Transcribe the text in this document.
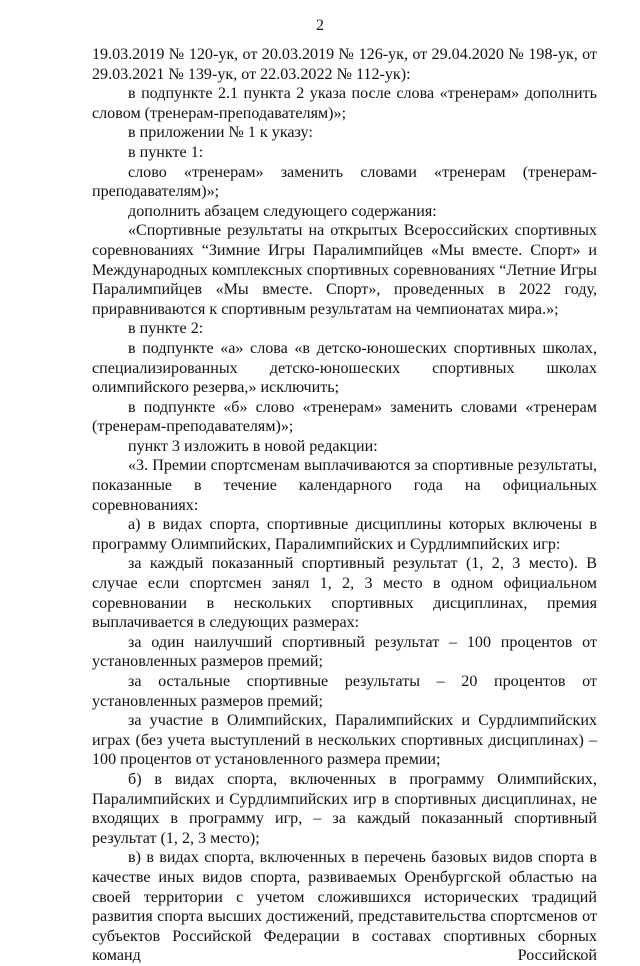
2

19.03.2019 № 120-ук, от 20.03.2019 № 126-ук, от 29.04.2020 № 198-ук, от 29.03.2021 № 139-ук, от 22.03.2022 № 112-ук):

в подпункте 2.1 пункта 2 указа после слова «тренерам» дополнить словом (тренерам-преподавателям)»;

в приложении № 1 к указу:

в пункте 1:

слово «тренерам» заменить словами «тренерам (тренерам-преподавателям)»;

дополнить абзацем следующего содержания:

«Спортивные результаты на открытых Всероссийских спортивных соревнованиях “Зимние Игры Паралимпийцев «Мы вместе. Спорт» и Международных комплексных спортивных соревнованиях “Летние Игры Паралимпийцев «Мы вместе. Спорт», проведенных в 2022 году, приравниваются к спортивным результатам на чемпионатах мира.»;

в пункте 2:

в подпункте «а» слова «в детско-юношеских спортивных школах, специализированных детско-юношеских спортивных школах олимпийского резерва,» исключить;

в подпункте «б» слово «тренерам» заменить словами «тренерам (тренерам-преподавателям)»;

пункт 3 изложить в новой редакции:

«3. Премии спортсменам выплачиваются за спортивные результаты, показанные в течение календарного года на официальных соревнованиях:

а) в видах спорта, спортивные дисциплины которых включены в программу Олимпийских, Паралимпийских и Сурдлимпийских игр:

за каждый показанный спортивный результат (1, 2, 3 место). В случае если спортсмен занял 1, 2, 3 место в одном официальном соревновании в нескольких спортивных дисциплинах, премия выплачивается в следующих размерах:

за один наилучший спортивный результат – 100 процентов от установленных размеров премий;

за остальные спортивные результаты – 20 процентов от установленных размеров премий;

за участие в Олимпийских, Паралимпийских и Сурдлимпийских играх (без учета выступлений в нескольких спортивных дисциплинах) – 100 процентов от установленного размера премии;

б) в видах спорта, включенных в программу Олимпийских, Паралимпийских и Сурдлимпийских игр в спортивных дисциплинах, не входящих в программу игр, – за каждый показанный спортивный результат (1, 2, 3 место);

в) в видах спорта, включенных в перечень базовых видов спорта в качестве иных видов спорта, развиваемых Оренбургской областью на своей территории с учетом сложившихся исторических традиций развития спорта высших достижений, представительства спортсменов от субъектов Российской Федерации в составах спортивных сборных команд Российской
